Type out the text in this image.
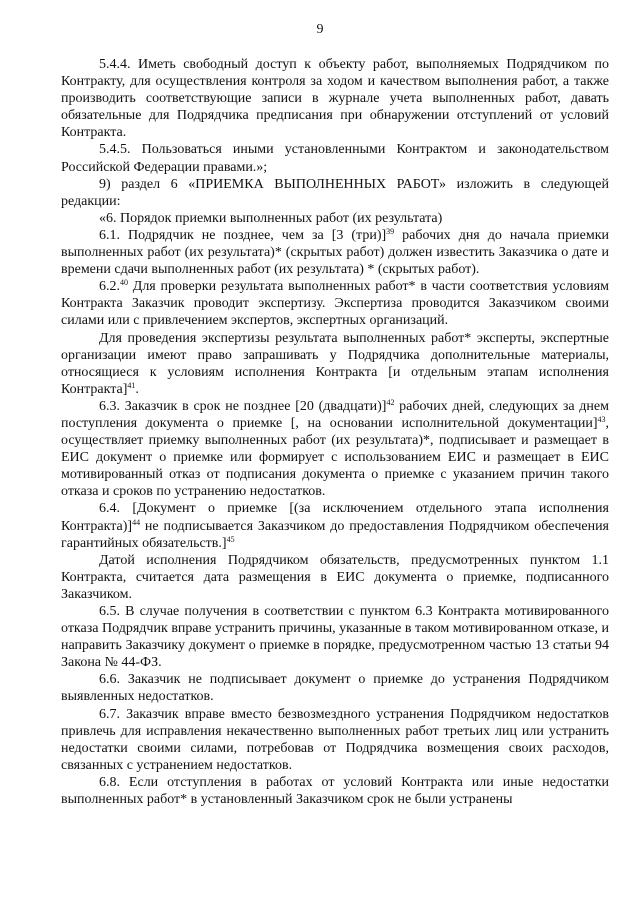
9

5.4.4. Иметь свободный доступ к объекту работ, выполняемых Подрядчиком по Контракту, для осуществления контроля за ходом и качеством выполнения работ, а также производить соответствующие записи в журнале учета выполненных работ, давать обязательные для Подрядчика предписания при обнаружении отступлений от условий Контракта.

5.4.5. Пользоваться иными установленными Контрактом и законодательством Российской Федерации правами.»;

9) раздел 6 «ПРИЕМКА ВЫПОЛНЕННЫХ РАБОТ» изложить в следующей редакции:

«6. Порядок приемки выполненных работ (их результата)

6.1. Подрядчик не позднее, чем за [3 (три)]$^{39}$ рабочих дня до начала приемки выполненных работ (их результата)* (скрытых работ) должен известить Заказчика о дате и времени сдачи выполненных работ (их результата) * (скрытых работ).

6.2.40 Для проверки результата выполненных работ* в части соответствия условиям Контракта Заказчик проводит экспертизу. Экспертиза проводится Заказчиком своими силами или с привлечением экспертов, экспертных организаций.

Для проведения экспертизы результата выполненных работ* эксперты, экспертные организации имеют право запрашивать у Подрядчика дополнительные материалы, относящиеся к условиям исполнения Контракта [и отдельным этапам исполнения Контракта]$^{41}$.

6.3. Заказчик в срок не позднее [20 (двадцати)]$^{42}$ рабочих дней, следующих за днем поступления документа о приемке [, на основании исполнительной документации]$^{43}$, осуществляет приемку выполненных работ (их результата)*, подписывает и размещает в ЕИС документ о приемке или формирует с использованием ЕИС и размещает в ЕИС мотивированный отказ от подписания документа о приемке с указанием причин такого отказа и сроков по устранению недостатков.

6.4. [Документ о приемке [(за исключением отдельного этапа исполнения Контракта)]$^{44}$ не подписывается Заказчиком до предоставления Подрядчиком обеспечения гарантийных обязательств.]$^{45}$

Датой исполнения Подрядчиком обязательств, предусмотренных пунктом 1.1 Контракта, считается дата размещения в ЕИС документа о приемке, подписанного Заказчиком.

6.5. В случае получения в соответствии с пунктом 6.3 Контракта мотивированного отказа Подрядчик вправе устранить причины, указанные в таком мотивированном отказе, и направить Заказчику документ о приемке в порядке, предусмотренном частью 13 статьи 94 Закона № 44-ФЗ.

6.6. Заказчик не подписывает документ о приемке до устранения Подрядчиком выявленных недостатков.

6.7. Заказчик вправе вместо безвозмездного устранения Подрядчиком недостатков привлечь для исправления некачественно выполненных работ третьих лиц или устранить недостатки своими силами, потребовав от Подрядчика возмещения своих расходов, связанных с устранением недостатков.

6.8. Если отступления в работах от условий Контракта или иные недостатки выполненных работ* в установленный Заказчиком срок не были устранены
